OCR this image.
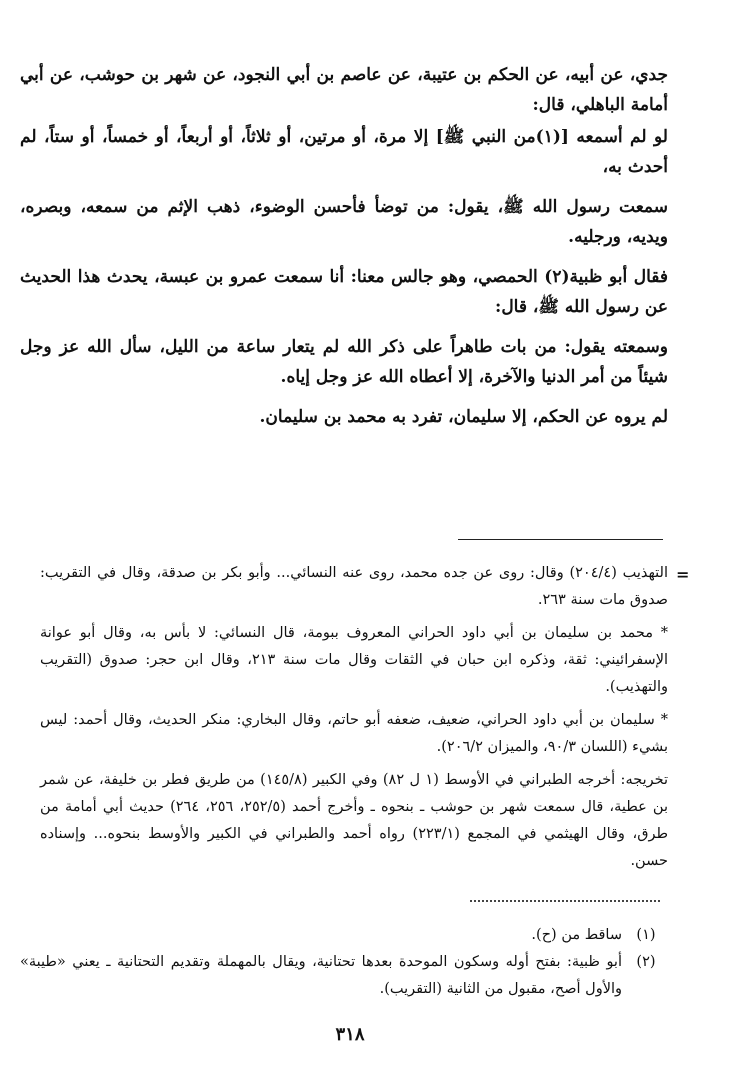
جدي، عن أبيه، عن الحكم بن عتيبة، عن عاصم بن أبي النجود، عن شهر بن حوشب، عن أبي أمامة الباهلي، قال:

لو لم أسمعه [(١)من النبي ﷺ] إلا مرة، أو مرتين، أو ثلاثاً، أو أربعاً، أو خمساً، أو ستاً، لم أحدث به،

سمعت رسول الله ﷺ، يقول: من توضأ فأحسن الوضوء، ذهب الإثم من سمعه، وبصره، ويديه، ورجليه.

فقال أبو ظبية(٢) الحمصي، وهو جالس معنا: أنا سمعت عمرو بن عبسة، يحدث هذا الحديث عن رسول الله ﷺ، قال:

وسمعته يقول: من بات طاهراً على ذكر الله لم يتعار ساعة من الليل، سأل الله عز وجل شيئاً من أمر الدنيا والآخرة، إلا أعطاه الله عز وجل إياه.

لم يروه عن الحكم، إلا سليمان، تفرد به محمد بن سليمان.

=

التهذيب (٢٠٤/٤) وقال: روى عن جده محمد، روى عنه النسائي... وأبو بكر بن صدقة، وقال في التقريب: صدوق مات سنة ٢٦٣.

* محمد بن سليمان بن أبي داود الحراني المعروف ببومة، قال النسائي: لا بأس به، وقال أبو عوانة الإسفرائيني: ثقة، وذكره ابن حبان في الثقات وقال مات سنة ٢١٣، وقال ابن حجر: صدوق (التقريب والتهذيب).

* سليمان بن أبي داود الحراني، ضعيف، ضعفه أبو حاتم، وقال البخاري: منكر الحديث، وقال أحمد: ليس بشيء (اللسان ٩٠/٣، والميزان ٢٠٦/٢).

تخريجه: أخرجه الطبراني في الأوسط (١ ل ٨٢) وفي الكبير (١٤٥/٨) من طريق فطر بن خليفة، عن شمر بن عطية، قال سمعت شهر بن حوشب ـ بنحوه ـ وأخرج أحمد (٢٥٢/٥، ٢٥٦، ٢٦٤) حديث أبي أمامة من طرق، وقال الهيثمي في المجمع (٢٢٣/١) رواه أحمد والطبراني في الكبير والأوسط بنحوه... وإسناده حسن.

(١)
ساقط من (ح).
(٢)
أبو ظبية: بفتح أوله وسكون الموحدة بعدها تحتانية، ويقال بالمهملة وتقديم التحتانية ـ يعني «طيبة» والأول أصح، مقبول من الثانية (التقريب).
٣١٨
